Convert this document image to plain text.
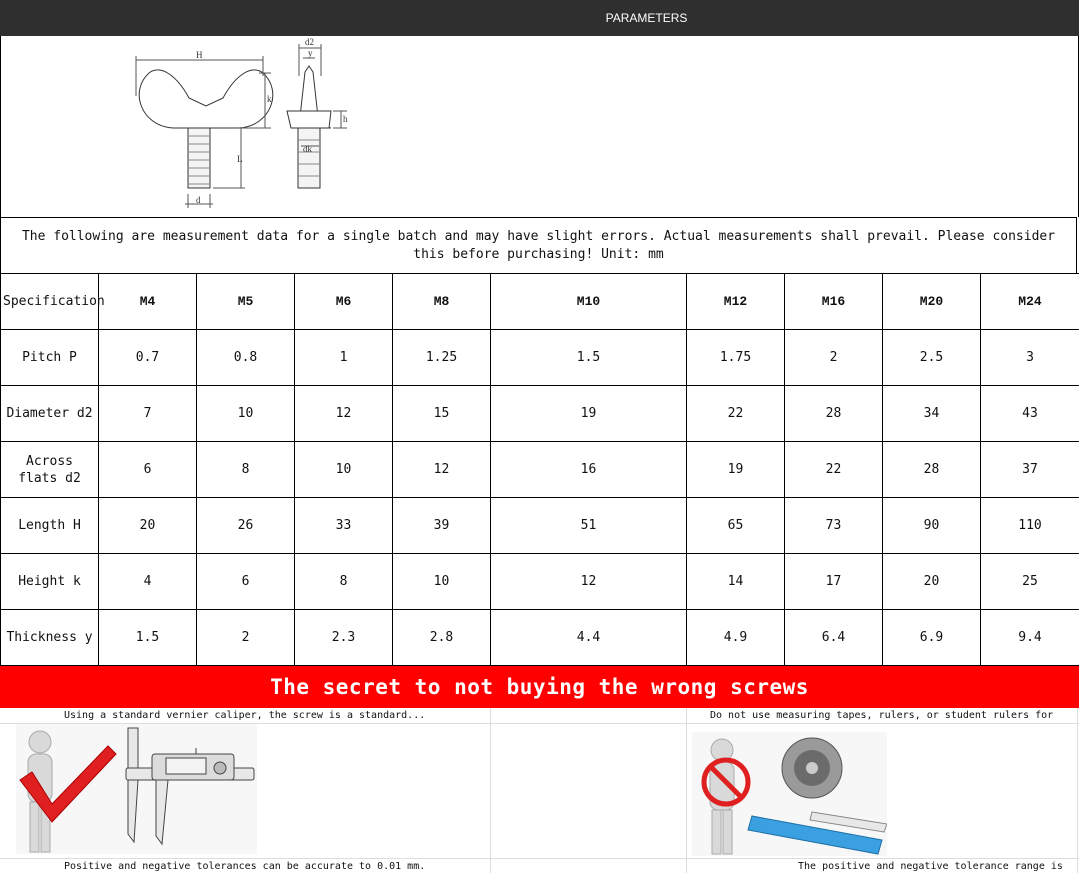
PARAMETERS
H
k
L
d
d2
y
h
dk
The following are measurement data for a single batch and may have slight errors. Actual measurements shall prevail. Please consider this before purchasing! Unit: mm
Specification	M4	M5	M6	M8	M10	M12	M16	M20	M24
Pitch P	0.7	0.8	1	1.25	1.5	1.75	2	2.5	3
Diameter d2	7	10	12	15	19	22	28	34	43
Across flats d2	6	8	10	12	16	19	22	28	37
Length H	20	26	33	39	51	65	73	90	110
Height k	4	6	8	10	12	14	17	20	25
Thickness y	1.5	2	2.3	2.8	4.4	4.9	6.4	6.9	9.4
The secret to not buying the wrong screws
Using a standard vernier caliper, the screw is a standard...	Do not use measuring tapes, rulers, or student rulers for
Positive and negative tolerances can be accurate to 0.01 mm.	The positive and negative tolerance range is
